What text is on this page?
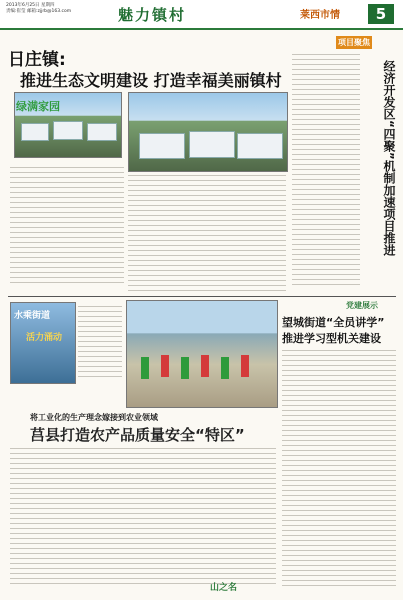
2013年6月25日 星期四
责编:崔莹 邮箱:zjjrb@163.com	魅力镇村	莱西市情	5
日庄镇:
推进生态文明建设 打造幸福美丽镇村
绿满家园
项目聚焦
经济开发区“四聚”机制加速项目推进
水乘街道
活力涌动
党建展示
望城街道“全员讲学”
推进学习型机关建设
将工业化的生产理念嫁接到农业领域
莒县打造农产品质量安全“特区”
山之名
